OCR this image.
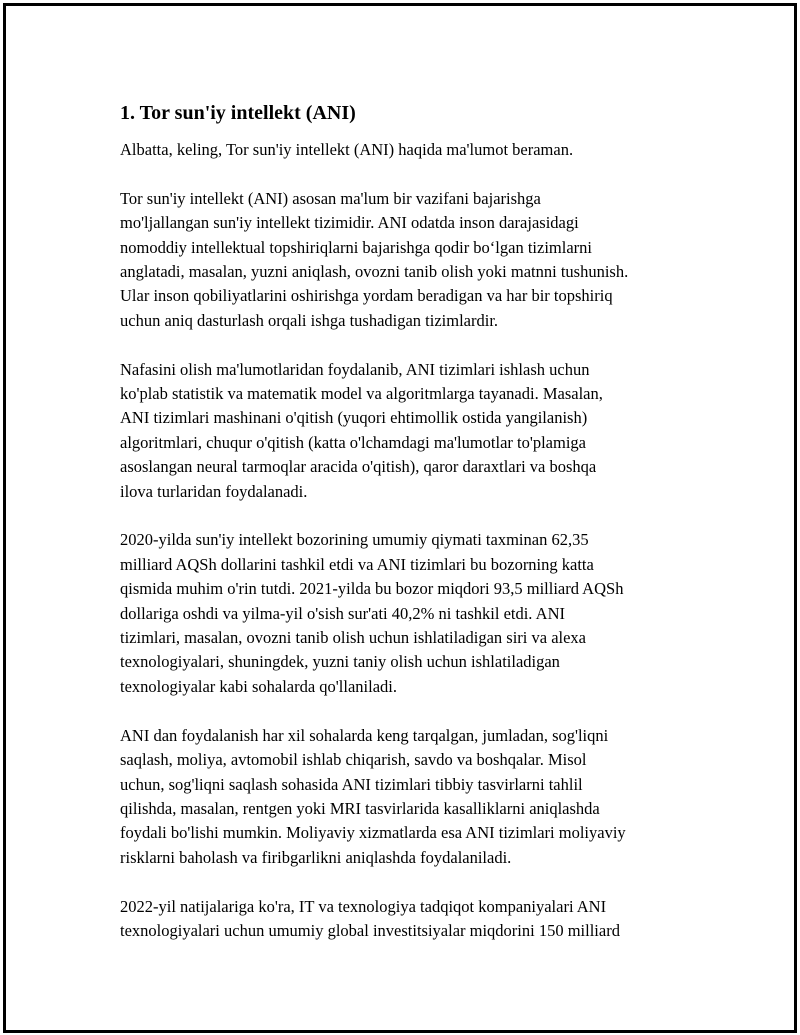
1. Tor sun'iy intellekt (ANI)
Albatta, keling, Tor sun'iy intellekt (ANI) haqida ma'lumot beraman.
Tor sun'iy intellekt (ANI) asosan ma'lum bir vazifani bajarishga
mo'ljallangan sun'iy intellekt tizimidir. ANI odatda inson darajasidagi
nomoddiy intellektual topshiriqlarni bajarishga qodir bo‘lgan tizimlarni
anglatadi, masalan, yuzni aniqlash, ovozni tanib olish yoki matnni tushunish.
Ular inson qobiliyatlarini oshirishga yordam beradigan va har bir topshiriq
uchun aniq dasturlash orqali ishga tushadigan tizimlardir.
Nafasini olish ma'lumotlaridan foydalanib, ANI tizimlari ishlash uchun
ko'plab statistik va matematik model va algoritmlarga tayanadi. Masalan,
ANI tizimlari mashinani o'qitish (yuqori ehtimollik ostida yangilanish)
algoritmlari, chuqur o'qitish (katta o'lchamdagi ma'lumotlar to'plamiga
asoslangan neural tarmoqlar aracida o'qitish), qaror daraxtlari va boshqa
ilova turlaridan foydalanadi.
2020-yilda sun'iy intellekt bozorining umumiy qiymati taxminan 62,35
milliard AQSh dollarini tashkil etdi va ANI tizimlari bu bozorning katta
qismida muhim o'rin tutdi. 2021-yilda bu bozor miqdori 93,5 milliard AQSh
dollariga oshdi va yilma-yil o'sish sur'ati 40,2% ni tashkil etdi. ANI
tizimlari, masalan, ovozni tanib olish uchun ishlatiladigan siri va alexa
texnologiyalari, shuningdek, yuzni taniy olish uchun ishlatiladigan
texnologiyalar kabi sohalarda qo'llaniladi.
ANI dan foydalanish har xil sohalarda keng tarqalgan, jumladan, sog'liqni
saqlash, moliya, avtomobil ishlab chiqarish, savdo va boshqalar. Misol
uchun, sog'liqni saqlash sohasida ANI tizimlari tibbiy tasvirlarni tahlil
qilishda, masalan, rentgen yoki MRI tasvirlarida kasalliklarni aniqlashda
foydali bo'lishi mumkin. Moliyaviy xizmatlarda esa ANI tizimlari moliyaviy
risklarni baholash va firibgarlikni aniqlashda foydalaniladi.
2022-yil natijalariga ko'ra, IT va texnologiya tadqiqot kompaniyalari ANI
texnologiyalari uchun umumiy global investitsiyalar miqdorini 150 milliard
